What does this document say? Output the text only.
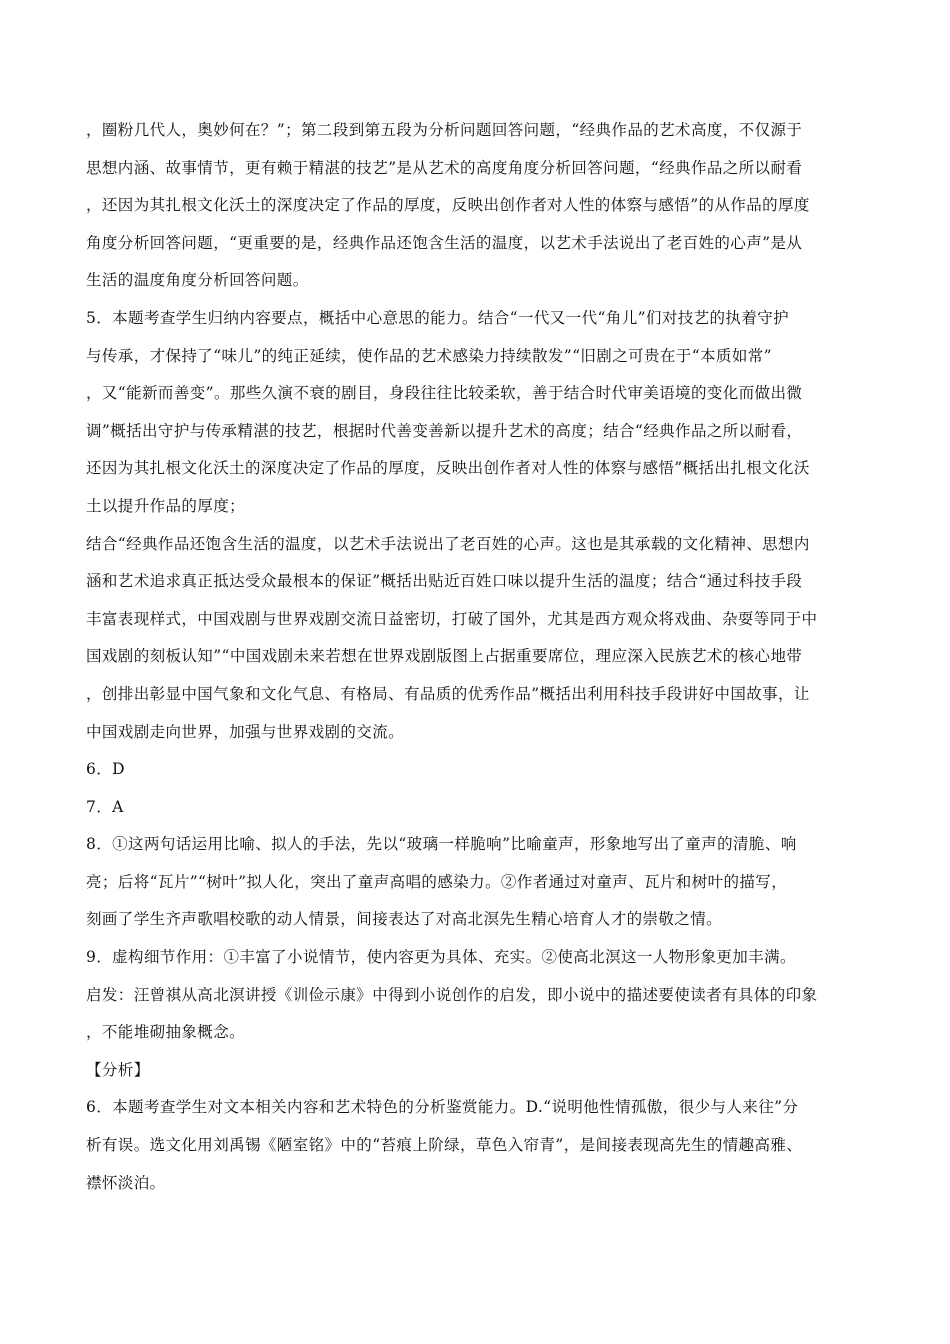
，圈粉几代人，奥妙何在？”；第二段到第五段为分析问题回答问题，“经典作品的艺术高度，不仅源于

思想内涵、故事情节，更有赖于精湛的技艺”是从艺术的高度角度分析回答问题，“经典作品之所以耐看

，还因为其扎根文化沃土的深度决定了作品的厚度，反映出创作者对人性的体察与感悟”的从作品的厚度

角度分析回答问题，“更重要的是，经典作品还饱含生活的温度，以艺术手法说出了老百姓的心声”是从

生活的温度角度分析回答问题。

5．本题考查学生归纳内容要点，概括中心意思的能力。结合“一代又一代“角儿”们对技艺的执着守护

与传承，才保持了“味儿”的纯正延续，使作品的艺术感染力持续散发”“旧剧之可贵在于“本质如常”

，又“能新而善变”。那些久演不衰的剧目，身段往往比较柔软，善于结合时代审美语境的变化而做出微

调”概括出守护与传承精湛的技艺，根据时代善变善新以提升艺术的高度；结合“经典作品之所以耐看，

还因为其扎根文化沃土的深度决定了作品的厚度，反映出创作者对人性的体察与感悟”概括出扎根文化沃

土以提升作品的厚度；

结合“经典作品还饱含生活的温度，以艺术手法说出了老百姓的心声。这也是其承载的文化精神、思想内

涵和艺术追求真正抵达受众最根本的保证”概括出贴近百姓口味以提升生活的温度；结合“通过科技手段

丰富表现样式，中国戏剧与世界戏剧交流日益密切，打破了国外，尤其是西方观众将戏曲、杂耍等同于中

国戏剧的刻板认知”“中国戏剧未来若想在世界戏剧版图上占据重要席位，理应深入民族艺术的核心地带

，创排出彰显中国气象和文化气息、有格局、有品质的优秀作品”概括出利用科技手段讲好中国故事，让

中国戏剧走向世界，加强与世界戏剧的交流。

6．D

7．A

8．①这两句话运用比喻、拟人的手法，先以“玻璃一样脆响”比喻童声，形象地写出了童声的清脆、响

亮；后将“瓦片”“树叶”拟人化，突出了童声高唱的感染力。②作者通过对童声、瓦片和树叶的描写，

刻画了学生齐声歌唱校歌的动人情景，间接表达了对高北溟先生精心培育人才的崇敬之情。

9．虚构细节作用：①丰富了小说情节，使内容更为具体、充实。②使高北溟这一人物形象更加丰满。

启发：汪曾祺从高北溟讲授《训俭示康》中得到小说创作的启发，即小说中的描述要使读者有具体的印象

，不能堆砌抽象概念。

【分析】

6．本题考查学生对文本相关内容和艺术特色的分析鉴赏能力。D.“说明他性情孤傲，很少与人来往”分

析有误。选文化用刘禹锡《陋室铭》中的“苔痕上阶绿，草色入帘青”，是间接表现高先生的情趣高雅、

襟怀淡泊。
